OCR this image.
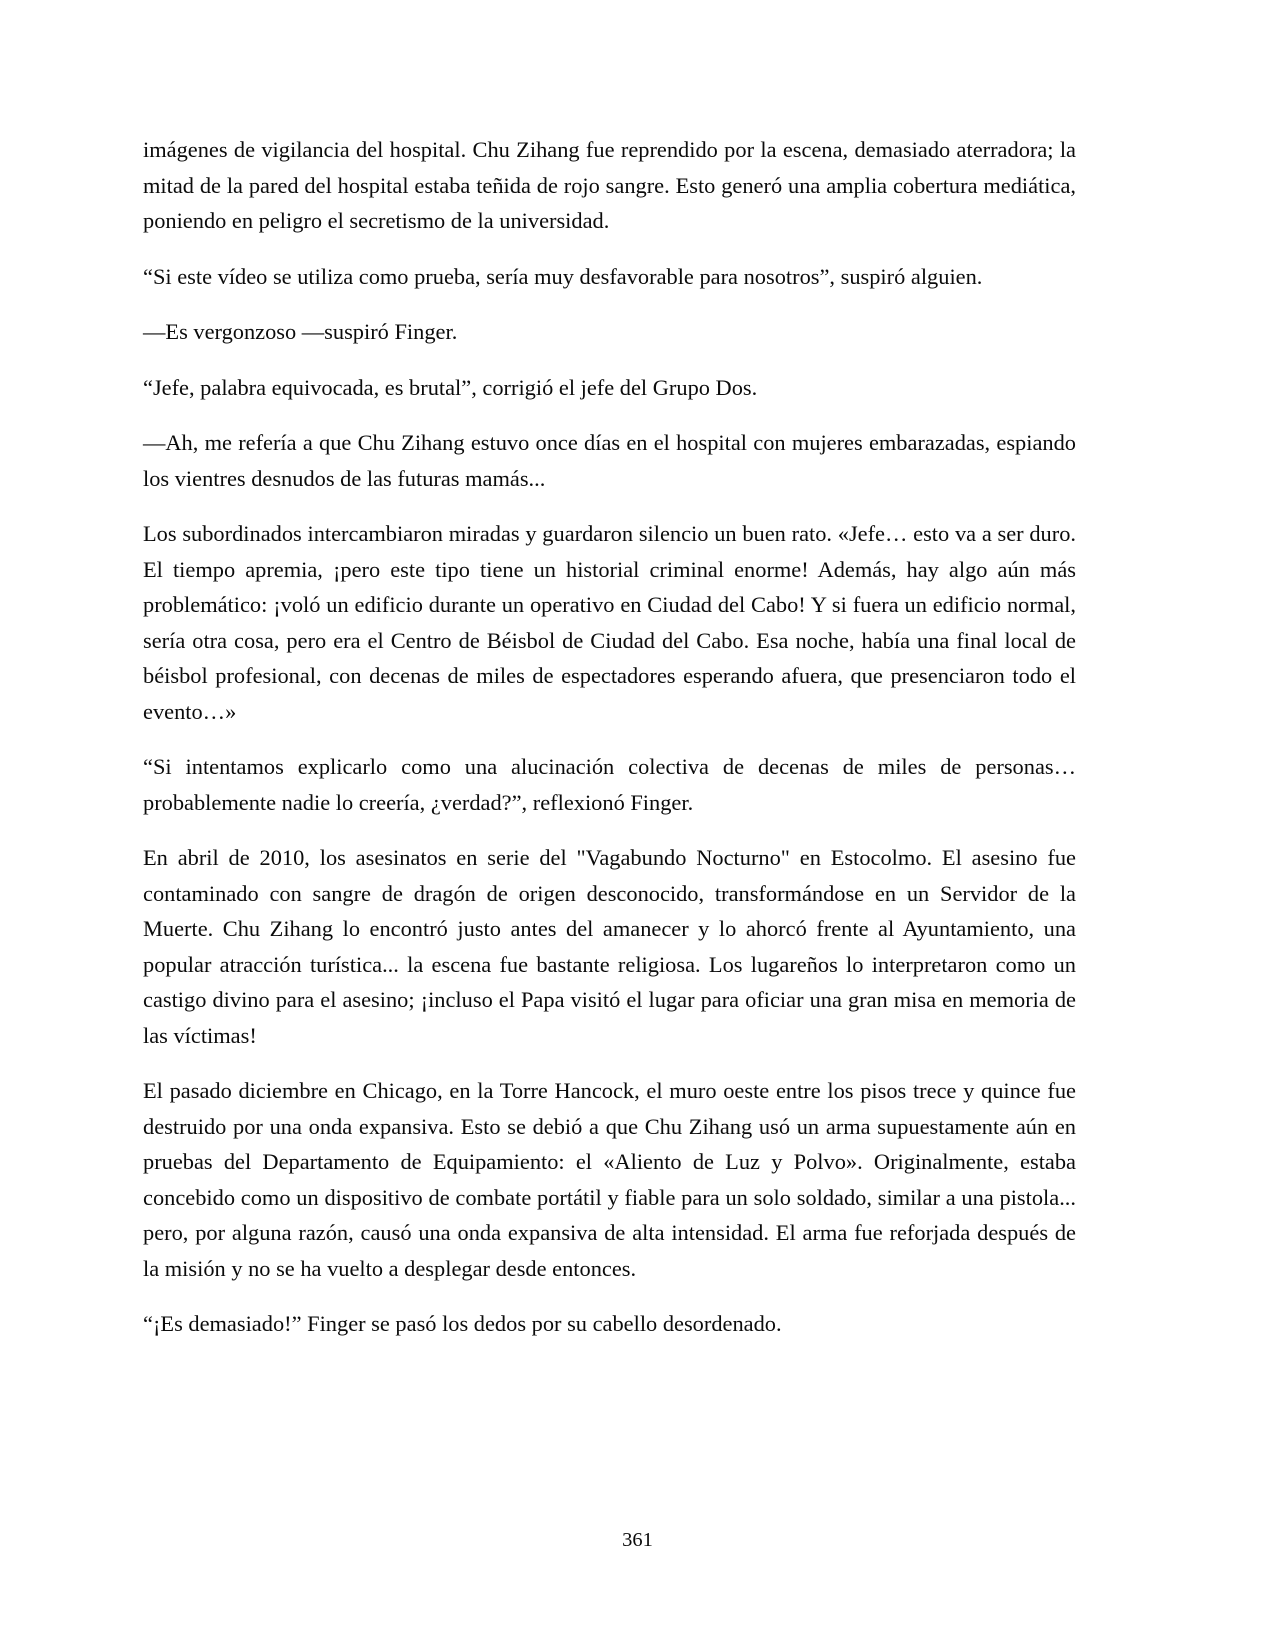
imágenes de vigilancia del hospital. Chu Zihang fue reprendido por la escena, demasiado aterradora; la mitad de la pared del hospital estaba teñida de rojo sangre. Esto generó una amplia cobertura mediática, poniendo en peligro el secretismo de la universidad.

“Si este vídeo se utiliza como prueba, sería muy desfavorable para nosotros”, suspiró alguien.

—Es vergonzoso —suspiró Finger.

“Jefe, palabra equivocada, es brutal”, corrigió el jefe del Grupo Dos.

—Ah, me refería a que Chu Zihang estuvo once días en el hospital con mujeres embarazadas, espiando los vientres desnudos de las futuras mamás...

Los subordinados intercambiaron miradas y guardaron silencio un buen rato. «Jefe… esto va a ser duro. El tiempo apremia, ¡pero este tipo tiene un historial criminal enorme! Además, hay algo aún más problemático: ¡voló un edificio durante un operativo en Ciudad del Cabo! Y si fuera un edificio normal, sería otra cosa, pero era el Centro de Béisbol de Ciudad del Cabo. Esa noche, había una final local de béisbol profesional, con decenas de miles de espectadores esperando afuera, que presenciaron todo el evento…»

“Si intentamos explicarlo como una alucinación colectiva de decenas de miles de personas… probablemente nadie lo creería, ¿verdad?”, reflexionó Finger.

En abril de 2010, los asesinatos en serie del "Vagabundo Nocturno" en Estocolmo. El asesino fue contaminado con sangre de dragón de origen desconocido, transformándose en un Servidor de la Muerte. Chu Zihang lo encontró justo antes del amanecer y lo ahorcó frente al Ayuntamiento, una popular atracción turística... la escena fue bastante religiosa. Los lugareños lo interpretaron como un castigo divino para el asesino; ¡incluso el Papa visitó el lugar para oficiar una gran misa en memoria de las víctimas!

El pasado diciembre en Chicago, en la Torre Hancock, el muro oeste entre los pisos trece y quince fue destruido por una onda expansiva. Esto se debió a que Chu Zihang usó un arma supuestamente aún en pruebas del Departamento de Equipamiento: el «Aliento de Luz y Polvo». Originalmente, estaba concebido como un dispositivo de combate portátil y fiable para un solo soldado, similar a una pistola... pero, por alguna razón, causó una onda expansiva de alta intensidad. El arma fue reforjada después de la misión y no se ha vuelto a desplegar desde entonces.

“¡Es demasiado!” Finger se pasó los dedos por su cabello desordenado.

361
